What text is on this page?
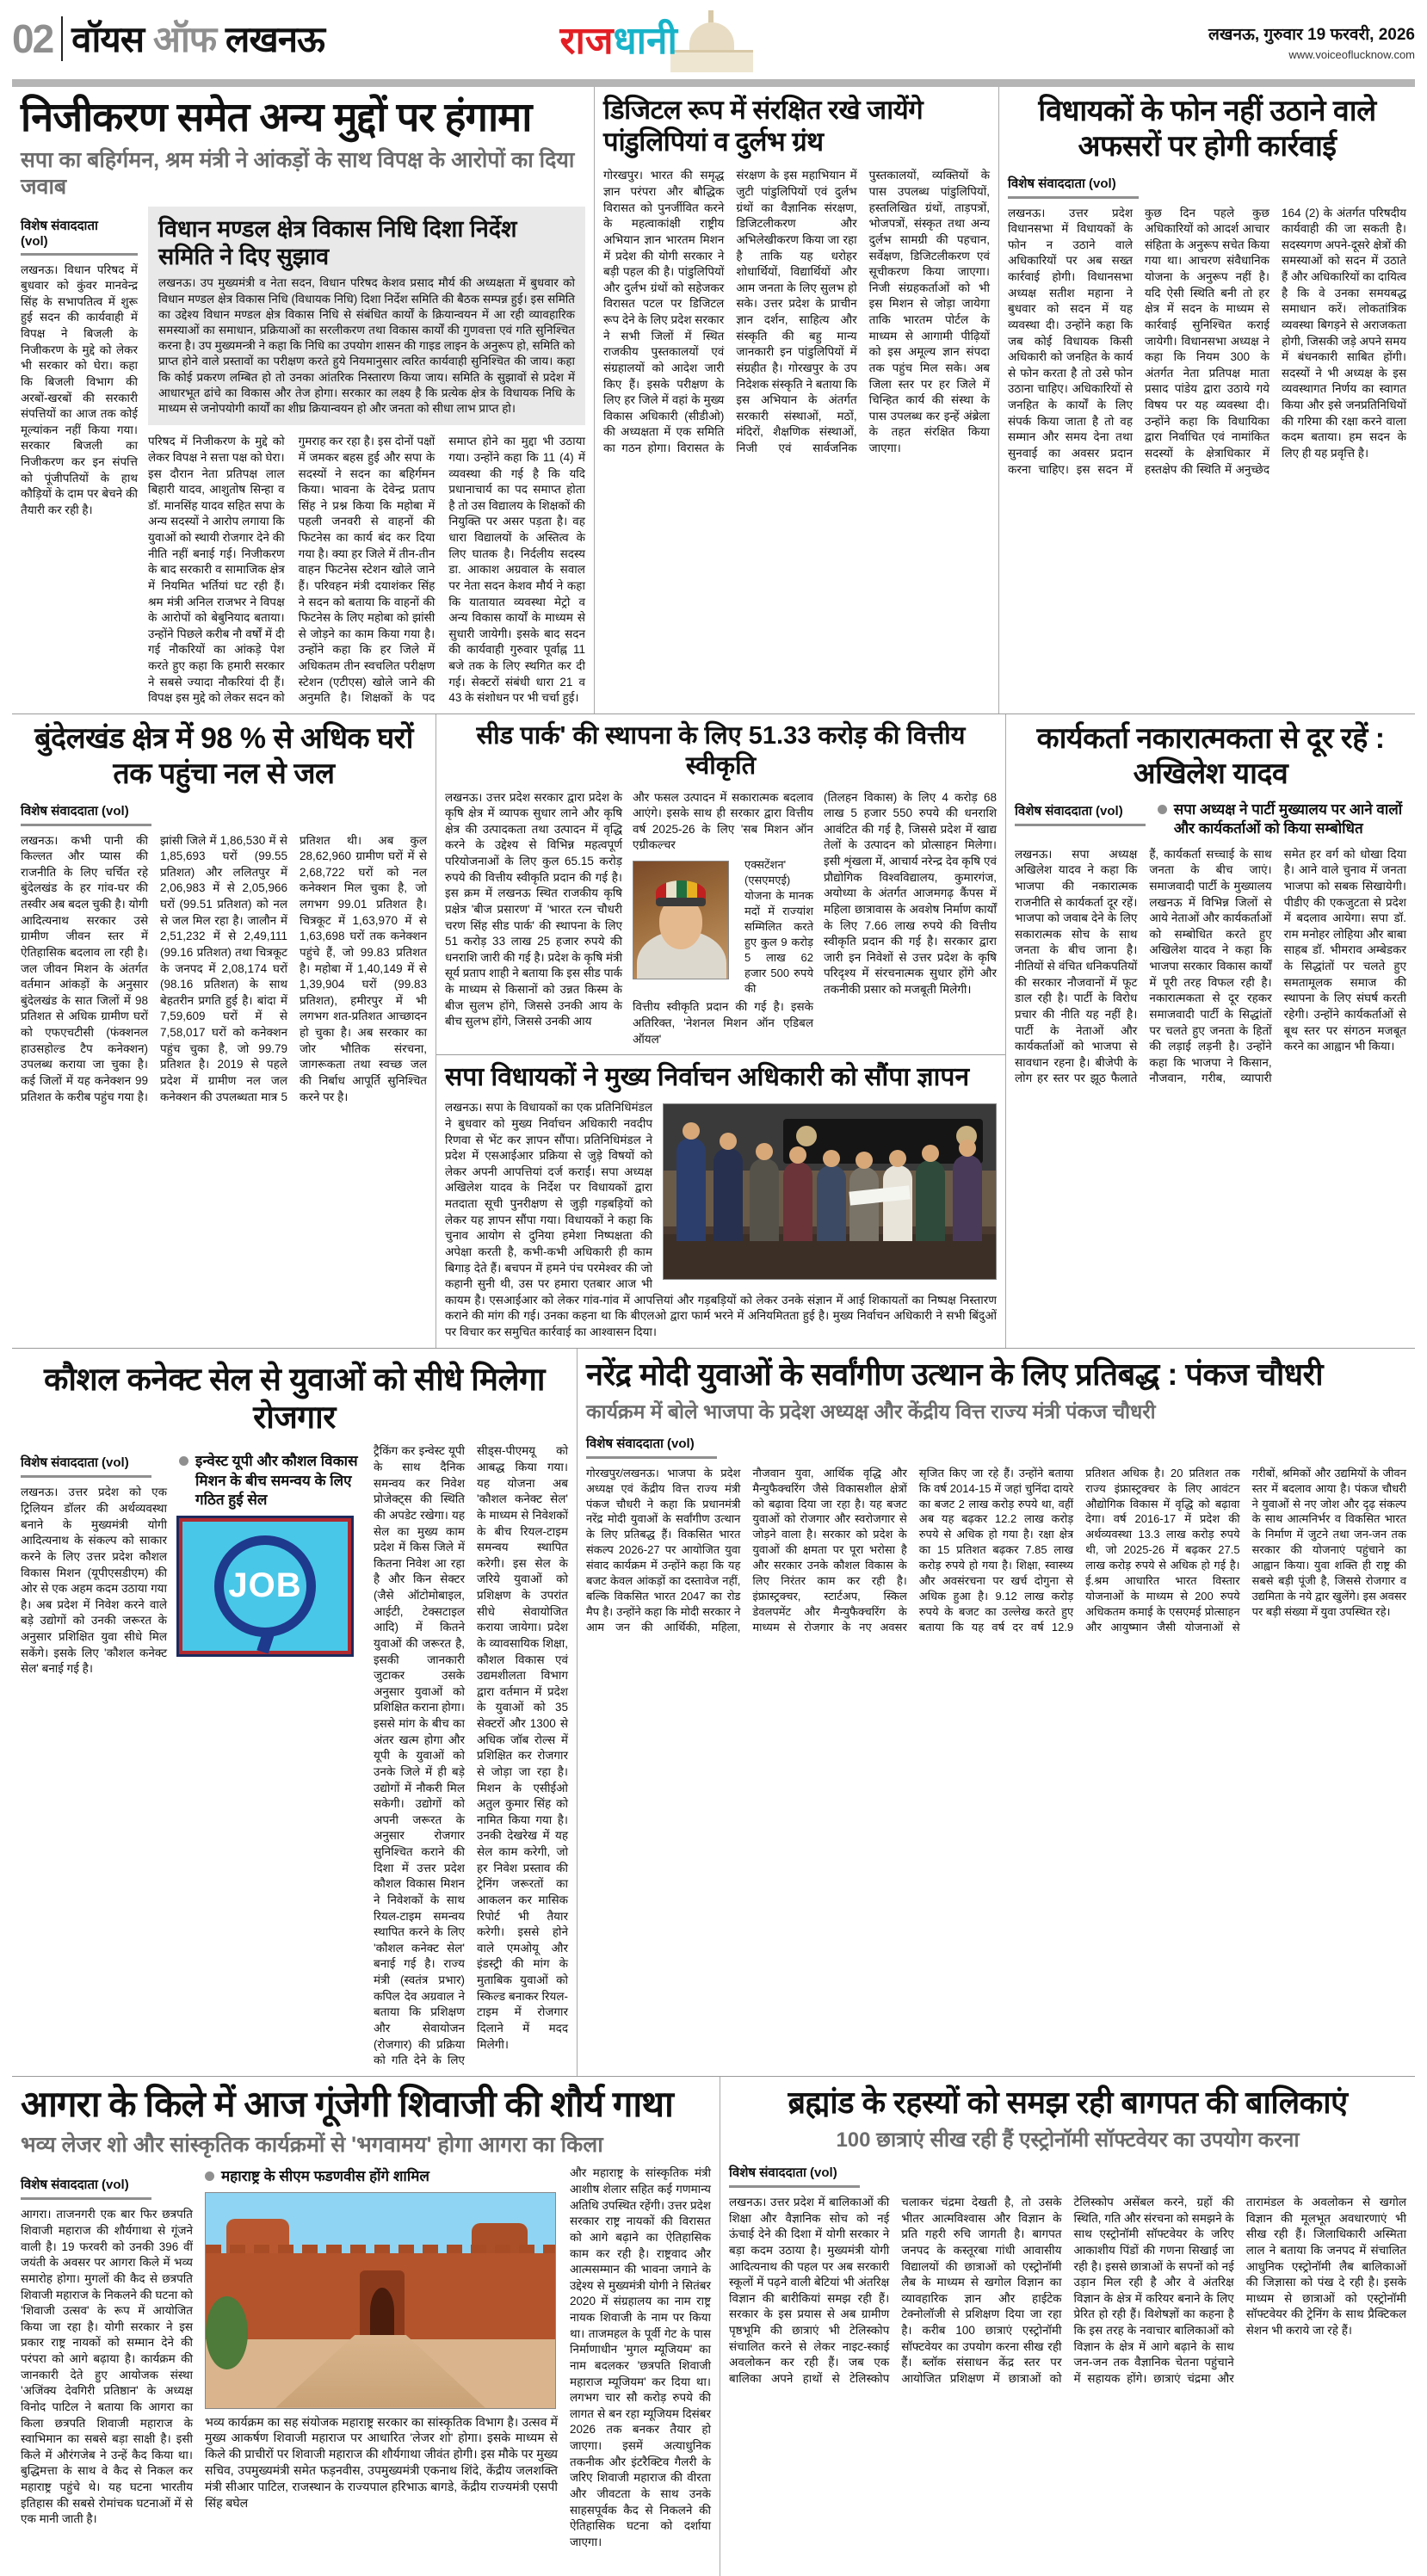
02 वॉयस ऑफ लखनऊ	राजधानी	लखनऊ, गुरुवार 19 फरवरी, 2026
www.voiceoflucknow.com
निजीकरण समेत अन्य मुद्दों पर हंगामा
सपा का बहिर्गमन, श्रम मंत्री ने आंकड़ों के साथ विपक्ष के आरोपों का दिया जवाब
विशेष संवाददाता (vol)
लखनऊ। विधान परिषद में बुधवार को कुंवर मानवेन्द्र सिंह के सभापतित्व में शुरू हुई सदन की कार्यवाही में विपक्ष ने बिजली के निजीकरण के मुद्दे को लेकर भी सरकार को घेरा। कहा कि बिजली विभाग की अरबों-खरबों की सरकारी संपत्तियों का आज तक कोई मूल्यांकन नहीं किया गया। सरकार बिजली का निजीकरण कर इन संपत्ति को पूंजीपतियों के हाथ कौड़ियों के दाम पर बेचने की तैयारी कर रही है।
विधान मण्डल क्षेत्र विकास निधि दिशा निर्देश समिति ने दिए सुझाव
लखनऊ। उप मुख्यमंत्री व नेता सदन, विधान परिषद केशव प्रसाद मौर्य की अध्यक्षता में बुधवार को विधान मण्डल क्षेत्र विकास निधि (विधायक निधि) दिशा निर्देश समिति की बैठक सम्पन्न हुई। इस समिति का उद्देश्य विधान मण्डल क्षेत्र विकास निधि से संबंधित कार्यों के क्रियान्वयन में आ रही व्यावहारिक समस्याओं का समाधान, प्रक्रियाओं का सरलीकरण तथा विकास कार्यों की गुणवत्ता एवं गति सुनिश्चित करना है। उप मुख्यमन्त्री ने कहा कि निधि का उपयोग शासन की गाइड लाइन के अनुरूप हो, समिति को प्राप्त होने वाले प्रस्तावों का परीक्षण करते हुये नियमानुसार त्वरित कार्यवाही सुनिश्चित की जाय। कहा कि कोई प्रकरण लम्बित हो तो उनका आंतरिक निस्तारण किया जाय। समिति के सुझावों से प्रदेश में आधारभूत ढांचे का विकास और तेज होगा। सरकार का लक्ष्य है कि प्रत्येक क्षेत्र के विधायक निधि के माध्यम से जनोपयोगी कार्यों का शीघ्र क्रियान्वयन हो और जनता को सीधा लाभ प्राप्त हो।
परिषद में निजीकरण के मुद्दे को लेकर विपक्ष ने सत्ता पक्ष को घेरा। इस दौरान नेता प्रतिपक्ष लाल बिहारी यादव, आशुतोष सिन्हा व डॉ. मानसिंह यादव सहित सपा के अन्य सदस्यों ने आरोप लगाया कि युवाओं को स्थायी रोजगार देने की नीति नहीं बनाई गई। निजीकरण के बाद सरकारी व सामाजिक क्षेत्र में नियमित भर्तियां घट रही हैं। श्रम मंत्री अनिल राजभर ने विपक्ष के आरोपों को बेबुनियाद बताया। उन्होंने पिछले करीब नौ वर्षों में दी गई नौकरियों का आंकड़े पेश करते हुए कहा कि हमारी सरकार ने सबसे ज्यादा नौकरियां दी हैं। विपक्ष इस मुद्दे को लेकर सदन को गुमराह कर रहा है। इस दोनों पक्षों में जमकर बहस हुई और सपा के सदस्यों ने सदन का बहिर्गमन किया। भावना के देवेन्द्र प्रताप सिंह ने प्रश्न किया कि महोबा में पहली जनवरी से वाहनों की फिटनेस का कार्य बंद कर दिया गया है। क्या हर जिले में तीन-तीन वाहन फिटनेस स्टेशन खोले जाने हैं। परिवहन मंत्री दयाशंकर सिंह ने सदन को बताया कि वाहनों की फिटनेस के लिए महोबा को झांसी से जोड़ने का काम किया गया है। उन्होंने कहा कि हर जिले में अधिकतम तीन स्वचलित परीक्षण स्टेशन (एटीएस) खोले जाने की अनुमति है। शिक्षकों के पद समाप्त होने का मुद्दा भी उठाया गया। उन्होंने कहा कि 11 (4) में व्यवस्था की गई है कि यदि प्रधानाचार्य का पद समाप्त होता है तो उस विद्यालय के शिक्षकों की नियुक्ति पर असर पड़ता है। वह धारा विद्यालयों के अस्तित्व के लिए घातक है। निर्दलीय सदस्य डा. आकाश अग्रवाल के सवाल पर नेता सदन केशव मौर्य ने कहा कि यातायात व्यवस्था मेट्रो व अन्य विकास कार्यों के माध्यम से सुधारी जायेगी। इसके बाद सदन की कार्यवाही गुरुवार पूर्वाह्न 11 बजे तक के लिए स्थगित कर दी गई। सेक्टरों संबंधी धारा 21 व 43 के संशोधन पर भी चर्चा हुई।
डिजिटल रूप में संरक्षित रखे जायेंगे पांडुलिपियां व दुर्लभ ग्रंथ
गोरखपुर। भारत की समृद्ध ज्ञान परंपरा और बौद्धिक विरासत को पुनर्जीवित करने के महत्वाकांक्षी राष्ट्रीय अभियान ज्ञान भारतम मिशन में प्रदेश की योगी सरकार ने बड़ी पहल की है। पांडुलिपियों और दुर्लभ ग्रंथों को सहेजकर विरासत पटल पर डिजिटल रूप देने के लिए प्रदेश सरकार ने सभी जिलों में स्थित राजकीय पुस्तकालयों एवं संग्रहालयों को आदेश जारी किए हैं। इसके परीक्षण के लिए हर जिले में वहां के मुख्य विकास अधिकारी (सीडीओ) की अध्यक्षता में एक समिति का गठन होगा। विरासत के संरक्षण के इस महाभियान में जुटी पांडुलिपियों एवं दुर्लभ ग्रंथों का वैज्ञानिक संरक्षण, डिजिटलीकरण और अभिलेखीकरण किया जा रहा है ताकि यह धरोहर शोधार्थियों, विद्यार्थियों और आम जनता के लिए सुलभ हो सके। उत्तर प्रदेश के प्राचीन ज्ञान दर्शन, साहित्य और संस्कृति की बहु मान्य जानकारी इन पांडुलिपियों में संग्रहीत है। गोरखपुर के उप निदेशक संस्कृति ने बताया कि इस अभियान के अंतर्गत सरकारी संस्थाओं, मठों, मंदिरों, शैक्षणिक संस्थाओं, निजी एवं सार्वजनिक पुस्तकालयों, व्यक्तियों के पास उपलब्ध पांडुलिपियों, हस्तलिखित ग्रंथों, ताड़पत्रों, भोजपत्रों, संस्कृत तथा अन्य दुर्लभ सामग्री की पहचान, सर्वेक्षण, डिजिटलीकरण एवं सूचीकरण किया जाएगा। निजी संग्रहकर्ताओं को भी इस मिशन से जोड़ा जायेगा ताकि भारतम पोर्टल के माध्यम से आगामी पीढ़ियों को इस अमूल्य ज्ञान संपदा तक पहुंच मिल सके। अब जिला स्तर पर हर जिले में चिन्हित कार्य की संस्था के पास उपलब्ध कर इन्हें अंब्रेला के तहत संरक्षित किया जाएगा।
विधायकों के फोन नहीं उठाने वाले अफसरों पर होगी कार्रवाई
विशेष संवाददाता (vol)
लखनऊ। उत्तर प्रदेश विधानसभा में विधायकों के फोन न उठाने वाले अधिकारियों पर अब सख्त कार्रवाई होगी। विधानसभा अध्यक्ष सतीश महाना ने बुधवार को सदन में यह व्यवस्था दी। उन्होंने कहा कि जब कोई विधायक किसी अधिकारी को जनहित के कार्य से फोन करता है तो उसे फोन उठाना चाहिए। अधिकारियों से जनहित के कार्यों के लिए संपर्क किया जाता है तो वह सम्मान और समय देना तथा सुनवाई का अवसर प्रदान करना चाहिए। इस सदन में कुछ दिन पहले कुछ अधिकारियों को आदर्श आचार संहिता के अनुरूप सचेत किया गया था। आचरण संवैधानिक योजना के अनुरूप नहीं है। यदि ऐसी स्थिति बनी तो हर क्षेत्र में सदन के माध्यम से कार्रवाई सुनिश्चित कराई जायेगी। विधानसभा अध्यक्ष ने कहा कि नियम 300 के अंतर्गत नेता प्रतिपक्ष माता प्रसाद पांडेय द्वारा उठाये गये विषय पर यह व्यवस्था दी। उन्होंने कहा कि विधायिका द्वारा निर्वाचित एवं नामांकित सदस्यों के क्षेत्राधिकार में हस्तक्षेप की स्थिति में अनुच्छेद 164 (2) के अंतर्गत परिषदीय कार्यवाही की जा सकती है। सदस्यगण अपने-दूसरे क्षेत्रों की समस्याओं को सदन में उठाते हैं और अधिकारियों का दायित्व है कि वे उनका समयबद्ध समाधान करें। लोकतांत्रिक व्यवस्था बिगड़ने से अराजकता होगी, जिसकी जड़े अपने समय में बंधनकारी साबित होंगी। सदस्यों ने भी अध्यक्ष के इस व्यवस्थागत निर्णय का स्वागत किया और इसे जनप्रतिनिधियों की गरिमा की रक्षा करने वाला कदम बताया। हम सदन के लिए ही यह प्रवृत्ति है।
बुंदेलखंड क्षेत्र में 98 % से अधिक घरों तक पहुंचा नल से जल
विशेष संवाददाता (vol)
लखनऊ। कभी पानी की किल्लत और प्यास की राजनीति के लिए चर्चित रहे बुंदेलखंड के हर गांव-घर की तस्वीर अब बदल चुकी है। योगी आदित्यनाथ सरकार उसे ग्रामीण जीवन स्तर में ऐतिहासिक बदलाव ला रही है। जल जीवन मिशन के अंतर्गत वर्तमान आंकड़ों के अनुसार बुंदेलखंड के सात जिलों में 98 प्रतिशत से अधिक ग्रामीण घरों को एफएचटीसी (फंक्शनल हाउसहोल्ड टैप कनेक्शन) उपलब्ध कराया जा चुका है। कई जिलों में यह कनेक्शन 99 प्रतिशत के करीब पहुंच गया है। झांसी जिले में 1,86,530 में से 1,85,693 घरों (99.55 प्रतिशत) और ललितपुर में 2,06,983 में से 2,05,966 घरों (99.51 प्रतिशत) को नल से जल मिल रहा है। जालौन में 2,51,232 में से 2,49,111 (99.16 प्रतिशत) तथा चित्रकूट के जनपद में 2,08,174 घरों (98.16 प्रतिशत) के साथ बेहतरीन प्रगति हुई है। बांदा में 7,59,609 घरों में से 7,58,017 घरों को कनेक्शन पहुंच चुका है, जो 99.79 प्रतिशत है। 2019 से पहले प्रदेश में ग्रामीण नल जल कनेक्शन की उपलब्धता मात्र 5 प्रतिशत थी। अब कुल 28,62,960 ग्रामीण घरों में से 2,68,722 घरों को नल कनेक्शन मिल चुका है, जो लगभग 99.01 प्रतिशत है। चित्रकूट में 1,63,970 में से 1,63,698 घरों तक कनेक्शन पहुंचे हैं, जो 99.83 प्रतिशत है। महोबा में 1,40,149 में से 1,39,904 घरों (99.83 प्रतिशत), हमीरपुर में भी लगभग शत-प्रतिशत आच्छादन हो चुका है। अब सरकार का जोर भौतिक संरचना, जागरूकता तथा स्वच्छ जल की निर्बाध आपूर्ति सुनिश्चित करने पर है।
सीड पार्क' की स्थापना के लिए 51.33 करोड़ की वित्तीय स्वीकृति
लखनऊ। उत्तर प्रदेश सरकार द्वारा प्रदेश के कृषि क्षेत्र में व्यापक सुधार लाने और कृषि क्षेत्र की उत्पादकता तथा उत्पादन में वृद्धि करने के उद्देश्य से विभिन्न महत्वपूर्ण परियोजनाओं के लिए कुल 65.15 करोड़ रुपये की वित्तीय स्वीकृति प्रदान की गई है। इस क्रम में लखनऊ स्थित राजकीय कृषि प्रक्षेत्र 'बीज प्रसारण' में 'भारत रत्न चौधरी चरण सिंह सीड पार्क' की स्थापना के लिए 51 करोड़ 33 लाख 25 हजार रुपये की धनराशि जारी की गई है। प्रदेश के कृषि मंत्री सूर्य प्रताप शाही ने बताया कि इस सीड पार्क के माध्यम से किसानों को उन्नत किस्म के बीज सुलभ होंगे, जिससे उनकी आय के बीच सुलभ होंगे, जिससे उनकी आय
और फसल उत्पादन में सकारात्मक बदलाव आएंगे। इसके साथ ही सरकार द्वारा वित्तीय वर्ष 2025-26 के लिए 'सब मिशन ऑन एग्रीकल्चर
एक्सटेंशन' (एसएमएई) योजना के मानक मदों में राज्यांश सम्मिलित करते हुए कुल 9 करोड़ 5 लाख 62 हजार 500 रुपये की
वित्तीय स्वीकृति प्रदान की गई है। इसके अतिरिक्त, 'नेशनल मिशन ऑन एडिबल ऑयल'
(तिलहन विकास) के लिए 4 करोड़ 68 लाख 5 हजार 550 रुपये की धनराशि आवंटित की गई है, जिससे प्रदेश में खाद्य तेलों के उत्पादन को प्रोत्साहन मिलेगा। इसी शृंखला में, आचार्य नरेन्द्र देव कृषि एवं प्रौद्योगिक विश्वविद्यालय, कुमारगंज, अयोध्या के अंतर्गत आजमगढ़ कैंपस में महिला छात्रावास के अवशेष निर्माण कार्यों के लिए 7.66 लाख रुपये की वित्तीय स्वीकृति प्रदान की गई है। सरकार द्वारा जारी इन निवेशों से उत्तर प्रदेश के कृषि परिदृश्य में संरचनात्मक सुधार होंगे और तकनीकी प्रसार को मजबूती मिलेगी।
सपा विधायकों ने मुख्य निर्वाचन अधिकारी को सौंपा ज्ञापन
लखनऊ। सपा के विधायकों का एक प्रतिनिधिमंडल ने बुधवार को मुख्य निर्वाचन अधिकारी नवदीप रिणवा से भेंट कर ज्ञापन सौंपा। प्रतिनिधिमंडल ने प्रदेश में एसआईआर प्रक्रिया से जुड़े विषयों को लेकर अपनी आपत्तियां दर्ज कराईं। सपा अध्यक्ष अखिलेश यादव के निर्देश पर विधायकों द्वारा मतदाता सूची पुनरीक्षण से जुड़ी गड़बड़ियों को लेकर यह ज्ञापन सौंपा गया। विधायकों ने कहा कि चुनाव आयोग से दुनिया हमेशा निष्पक्षता की अपेक्षा करती है, कभी-कभी अधिकारी ही काम बिगाड़ देते हैं। बचपन में हमने पंच परमेश्वर की जो कहानी सुनी थी, उस पर हमारा एतबार आज भी कायम है। एसआईआर को लेकर गांव-गांव में आपत्तियां और गड़बड़ियों को लेकर उनके संज्ञान में आई शिकायतों का निष्पक्ष निस्तारण कराने की मांग की गई। उनका कहना था कि बीएलओ द्वारा फार्म भरने में अनियमितता हुई है। मुख्य निर्वाचन अधिकारी ने सभी बिंदुओं पर विचार कर समुचित कार्रवाई का आश्वासन दिया।
कार्यकर्ता नकारात्मकता से दूर रहें : अखिलेश यादव
विशेष संवाददाता (vol)	सपा अध्यक्ष ने पार्टी मुख्यालय पर आने वालों और कार्यकर्ताओं को किया सम्बोधित
लखनऊ। सपा अध्यक्ष अखिलेश यादव ने कहा कि भाजपा की नकारात्मक राजनीति से कार्यकर्ता दूर रहें। भाजपा को जवाब देने के लिए सकारात्मक सोच के साथ जनता के बीच जाना है। नीतियों से वंचित धनिकपतियों की सरकार नौजवानों में फूट डाल रही है। पार्टी के विरोध प्रचार की नीति यह नहीं है। पार्टी के नेताओं और कार्यकर्ताओं को भाजपा से सावधान रहना है। बीजेपी के लोग हर स्तर पर झूठ फैलाते हैं, कार्यकर्ता सच्चाई के साथ जनता के बीच जाएं। समाजवादी पार्टी के मुख्यालय लखनऊ में विभिन्न जिलों से आये नेताओं और कार्यकर्ताओं को सम्बोधित करते हुए अखिलेश यादव ने कहा कि भाजपा सरकार विकास कार्यों में पूरी तरह विफल रही है। नकारात्मकता से दूर रहकर समाजवादी पार्टी के सिद्धांतों पर चलते हुए जनता के हितों की लड़ाई लड़नी है। उन्होंने कहा कि भाजपा ने किसान, नौजवान, गरीब, व्यापारी समेत हर वर्ग को धोखा दिया है। आने वाले चुनाव में जनता भाजपा को सबक सिखायेगी। पीडीए की एकजुटता से प्रदेश में बदलाव आयेगा। सपा डॉ. राम मनोहर लोहिया और बाबा साहब डॉ. भीमराव अम्बेडकर के सिद्धांतों पर चलते हुए समतामूलक समाज की स्थापना के लिए संघर्ष करती रहेगी। उन्होंने कार्यकर्ताओं से बूथ स्तर पर संगठन मजबूत करने का आह्वान भी किया।
कौशल कनेक्ट सेल से युवाओं को सीधे मिलेगा रोजगार
विशेष संवाददाता (vol)
लखनऊ। उत्तर प्रदेश को एक ट्रिलियन डॉलर की अर्थव्यवस्था बनाने के मुख्यमंत्री योगी आदित्यनाथ के संकल्प को साकार करने के लिए उत्तर प्रदेश कौशल विकास मिशन (यूपीएसडीएम) की ओर से एक अहम कदम उठाया गया है। अब प्रदेश में निवेश करने वाले बड़े उद्योगों को उनकी जरूरत के अनुसार प्रशिक्षित युवा सीधे मिल सकेंगे। इसके लिए 'कौशल कनेक्ट सेल' बनाई गई है।
इन्वेस्ट यूपी और कौशल विकास मिशन के बीच समन्वय के लिए गठित हुई सेल
JOB
ट्रैकिंग कर इन्वेस्ट यूपी के साथ दैनिक समन्वय कर निवेश प्रोजेक्ट्स की स्थिति की अपडेट रखेगा। यह सेल का मुख्य काम प्रदेश में किस जिले में कितना निवेश आ रहा है और किन सेक्टर (जैसे ऑटोमोबाइल, आईटी, टेक्सटाइल आदि) में कितने युवाओं की जरूरत है, इसकी जानकारी जुटाकर उसके अनुसार युवाओं को प्रशिक्षित कराना होगा। इससे मांग के बीच का अंतर खत्म होगा और यूपी के युवाओं को उनके जिले में ही बड़े उद्योगों में नौकरी मिल सकेगी। उद्योगों को अपनी जरूरत के अनुसार रोजगार सुनिश्चित कराने की दिशा में उत्तर प्रदेश कौशल विकास मिशन ने निवेशकों के साथ रियल-टाइम समन्वय स्थापित करने के लिए 'कौशल कनेक्ट सेल' बनाई गई है। राज्य मंत्री (स्वतंत्र प्रभार) कपिल देव अग्रवाल ने बताया कि प्रशिक्षण और सेवायोजन (रोजगार) की प्रक्रिया को गति देने के लिए सीड्स-पीएमयू को आबद्ध किया गया। यह योजना अब 'कौशल कनेक्ट सेल' के माध्यम से निवेशकों के बीच रियल-टाइम समन्वय स्थापित करेगी। इस सेल के जरिये युवाओं को प्रशिक्षण के उपरांत सीधे सेवायोजित कराया जायेगा। प्रदेश के व्यावसायिक शिक्षा, कौशल विकास एवं उद्यमशीलता विभाग द्वारा वर्तमान में प्रदेश के युवाओं को 35 सेक्टरों और 1300 से अधिक जॉब रोल्स में प्रशिक्षित कर रोजगार से जोड़ा जा रहा है। मिशन के एसीईओ अतुल कुमार सिंह को नामित किया गया है। उनकी देखरेख में यह सेल काम करेगी, जो हर निवेश प्रस्ताव की ट्रेनिंग जरूरतों का आकलन कर मासिक रिपोर्ट भी तैयार करेगी। इससे होने वाले एमओयू और इंडस्ट्री की मांग के मुताबिक युवाओं को स्किल्ड बनाकर रियल-टाइम में रोजगार दिलाने में मदद मिलेगी।
नरेंद्र मोदी युवाओं के सर्वांगीण उत्थान के लिए प्रतिबद्ध : पंकज चौधरी
कार्यक्रम में बोले भाजपा के प्रदेश अध्यक्ष और केंद्रीय वित्त राज्य मंत्री पंकज चौधरी
विशेष संवाददाता (vol)
गोरखपुर/लखनऊ। भाजपा के प्रदेश अध्यक्ष एवं केंद्रीय वित्त राज्य मंत्री पंकज चौधरी ने कहा कि प्रधानमंत्री नरेंद्र मोदी युवाओं के सर्वांगीण उत्थान के लिए प्रतिबद्ध हैं। विकसित भारत संकल्प 2026-27 पर आयोजित युवा संवाद कार्यक्रम में उन्होंने कहा कि यह बजट केवल आंकड़ों का दस्तावेज नहीं, बल्कि विकसित भारत 2047 का रोड मैप है। उन्होंने कहा कि मोदी सरकार ने आम जन की आर्थिकी, महिला, नौजवान युवा, आर्थिक वृद्धि और मैन्युफैक्चरिंग जैसे विकासशील क्षेत्रों को बढ़ावा दिया जा रहा है। यह बजट युवाओं को रोजगार और स्वरोजगार से जोड़ने वाला है। सरकार को प्रदेश के युवाओं की क्षमता पर पूरा भरोसा है और सरकार उनके कौशल विकास के लिए निरंतर काम कर रही है। इंफ्रास्ट्रक्चर, स्टार्टअप, स्किल डेवलपमेंट और मैन्युफैक्चरिंग के माध्यम से रोजगार के नए अवसर सृजित किए जा रहे हैं। उन्होंने बताया कि वर्ष 2014-15 में जहां चुनिंदा दायरे का बजट 2 लाख करोड़ रुपये था, वहीं अब यह बढ़कर 12.2 लाख करोड़ रुपये से अधिक हो गया है। रक्षा क्षेत्र का 15 प्रतिशत बढ़कर 7.85 लाख करोड़ रुपये हो गया है। शिक्षा, स्वास्थ्य और अवसंरचना पर खर्च दोगुना से अधिक हुआ है। 9.12 लाख करोड़ रुपये के बजट का उल्लेख करते हुए बताया कि यह वर्ष दर वर्ष 12.9 प्रतिशत अधिक है। 20 प्रतिशत तक राज्य इंफ्रास्ट्रक्चर के लिए आवंटन औद्योगिक विकास में वृद्धि को बढ़ावा देगा। वर्ष 2016-17 में प्रदेश की अर्थव्यवस्था 13.3 लाख करोड़ रुपये थी, जो 2025-26 में बढ़कर 27.5 लाख करोड़ रुपये से अधिक हो गई है। ई.श्रम आधारित भारत विस्तार योजनाओं के माध्यम से 200 रुपये अधिकतम कमाई के एसएमई प्रोत्साहन और आयुष्मान जैसी योजनाओं से गरीबों, श्रमिकों और उद्यमियों के जीवन स्तर में बदलाव आया है। पंकज चौधरी ने युवाओं से नए जोश और दृढ़ संकल्प के साथ आत्मनिर्भर व विकसित भारत के निर्माण में जुटने तथा जन-जन तक सरकार की योजनाएं पहुंचाने का आह्वान किया। युवा शक्ति ही राष्ट्र की सबसे बड़ी पूंजी है, जिससे रोजगार व उद्यमिता के नये द्वार खुलेंगे। इस अवसर पर बड़ी संख्या में युवा उपस्थित रहे।
आगरा के किले में आज गूंजेगी शिवाजी की शौर्य गाथा
भव्य लेजर शो और सांस्कृतिक कार्यक्रमों से 'भगवामय' होगा आगरा का किला
विशेष संवाददाता (vol)
आगरा। ताजनगरी एक बार फिर छत्रपति शिवाजी महाराज की शौर्यगाथा से गूंजने वाली है। 19 फरवरी को उनकी 396 वीं जयंती के अवसर पर आगरा किले में भव्य समारोह होगा। मुगलों की कैद से छत्रपति शिवाजी महाराज के निकलने की घटना को 'शिवाजी उत्सव' के रूप में आयोजित किया जा रहा है। योगी सरकार ने इस प्रकार राष्ट्र नायकों को सम्मान देने की परंपरा को आगे बढ़ाया है। कार्यक्रम की जानकारी देते हुए आयोजक संस्था 'अजिंक्य देवगिरी प्रतिष्ठान' के अध्यक्ष विनोद पाटिल ने बताया कि आगरा का किला छत्रपति शिवाजी महाराज के स्वाभिमान का सबसे बड़ा साक्षी है। इसी किले में औरंगजेब ने उन्हें कैद किया था। बुद्धिमत्ता के साथ वे कैद से निकल कर महाराष्ट्र पहुंचे थे। यह घटना भारतीय इतिहास की सबसे रोमांचक घटनाओं में से एक मानी जाती है।
महाराष्ट्र के सीएम फडणवीस होंगे शामिल
भव्य कार्यक्रम का सह संयोजक महाराष्ट्र सरकार का सांस्कृतिक विभाग है। उत्सव में मुख्य आकर्षण शिवाजी महाराज पर आधारित 'लेजर शो' होगा। इसके माध्यम से किले की प्राचीरों पर शिवाजी महाराज की शौर्यगाथा जीवंत होगी। इस मौके पर मुख्य सचिव, उपमुख्यमंत्री समेत फड़नवीस, उपमुख्यमंत्री एकनाथ शिंदे, केंद्रीय जलशक्ति मंत्री सीआर पाटिल, राजस्थान के राज्यपाल हरिभाऊ बागडे, केंद्रीय राज्यमंत्री एसपी सिंह बघेल
और महाराष्ट्र के सांस्कृतिक मंत्री आशीष शेलार सहित कई गणमान्य अतिथि उपस्थित रहेंगी। उत्तर प्रदेश सरकार राष्ट्र नायकों की विरासत को आगे बढ़ाने का ऐतिहासिक काम कर रही है। राष्ट्रवाद और आत्मसम्मान की भावना जगाने के उद्देश्य से मुख्यमंत्री योगी ने सितंबर 2020 में संग्रहालय का नाम राष्ट्र नायक शिवाजी के नाम पर किया था। ताजमहल के पूर्वी गेट के पास निर्माणाधीन 'मुगल म्यूजियम' का नाम बदलकर 'छत्रपति शिवाजी महाराज म्यूजियम' कर दिया था। लगभग चार सौ करोड़ रुपये की लागत से बन रहा म्यूजियम दिसंबर 2026 तक बनकर तैयार हो जाएगा। इसमें अत्याधुनिक तकनीक और इंटरैक्टिव गैलरी के जरिए शिवाजी महाराज की वीरता और जीवटता के साथ उनके साहसपूर्वक कैद से निकलने की ऐतिहासिक घटना को दर्शाया जाएगा।
ब्रह्मांड के रहस्यों को समझ रही बागपत की बालिकाएं
100 छात्राएं सीख रही हैं एस्ट्रोनॉमी सॉफ्टवेयर का उपयोग करना
विशेष संवाददाता (vol)
लखनऊ। उत्तर प्रदेश में बालिकाओं की शिक्षा और वैज्ञानिक सोच को नई ऊंचाई देने की दिशा में योगी सरकार ने बड़ा कदम उठाया है। मुख्यमंत्री योगी आदित्यनाथ की पहल पर अब सरकारी स्कूलों में पढ़ने वाली बेटियां भी अंतरिक्ष विज्ञान की बारीकियां समझ रही हैं। सरकार के इस प्रयास से अब ग्रामीण पृष्ठभूमि की छात्राएं भी टेलिस्कोप संचालित करने से लेकर नाइट-स्काई अवलोकन कर रही हैं। जब एक बालिका अपने हाथों से टेलिस्कोप चलाकर चंद्रमा देखती है, तो उसके भीतर आत्मविश्वास और विज्ञान के प्रति गहरी रुचि जागती है। बागपत जनपद के कस्तूरबा गांधी आवासीय विद्यालयों की छात्राओं को एस्ट्रोनॉमी लैब के माध्यम से खगोल विज्ञान का व्यावहारिक ज्ञान और हाईटेक टेक्नोलॉजी से प्रशिक्षण दिया जा रहा है। करीब 100 छात्राएं एस्ट्रोनॉमी सॉफ्टवेयर का उपयोग करना सीख रही हैं। ब्लॉक संसाधन केंद्र स्तर पर आयोजित प्रशिक्षण में छात्राओं को टेलिस्कोप असेंबल करने, ग्रहों की स्थिति, गति और संरचना को समझने के साथ एस्ट्रोनॉमी सॉफ्टवेयर के जरिए आकाशीय पिंडों की गणना सिखाई जा रही है। इससे छात्राओं के सपनों को नई उड़ान मिल रही है और वे अंतरिक्ष विज्ञान के क्षेत्र में करियर बनाने के लिए प्रेरित हो रही हैं। विशेषज्ञों का कहना है कि इस तरह के नवाचार बालिकाओं को विज्ञान के क्षेत्र में आगे बढ़ाने के साथ जन-जन तक वैज्ञानिक चेतना पहुंचाने में सहायक होंगे। छात्राएं चंद्रमा और तारामंडल के अवलोकन से खगोल विज्ञान की मूलभूत अवधारणाएं भी सीख रही हैं। जिलाधिकारी अस्मिता लाल ने बताया कि जनपद में संचालित आधुनिक एस्ट्रोनॉमी लैब बालिकाओं की जिज्ञासा को पंख दे रही है। इसके माध्यम से छात्राओं को एस्ट्रोनॉमी सॉफ्टवेयर की ट्रेनिंग के साथ प्रैक्टिकल सेशन भी कराये जा रहे हैं।
